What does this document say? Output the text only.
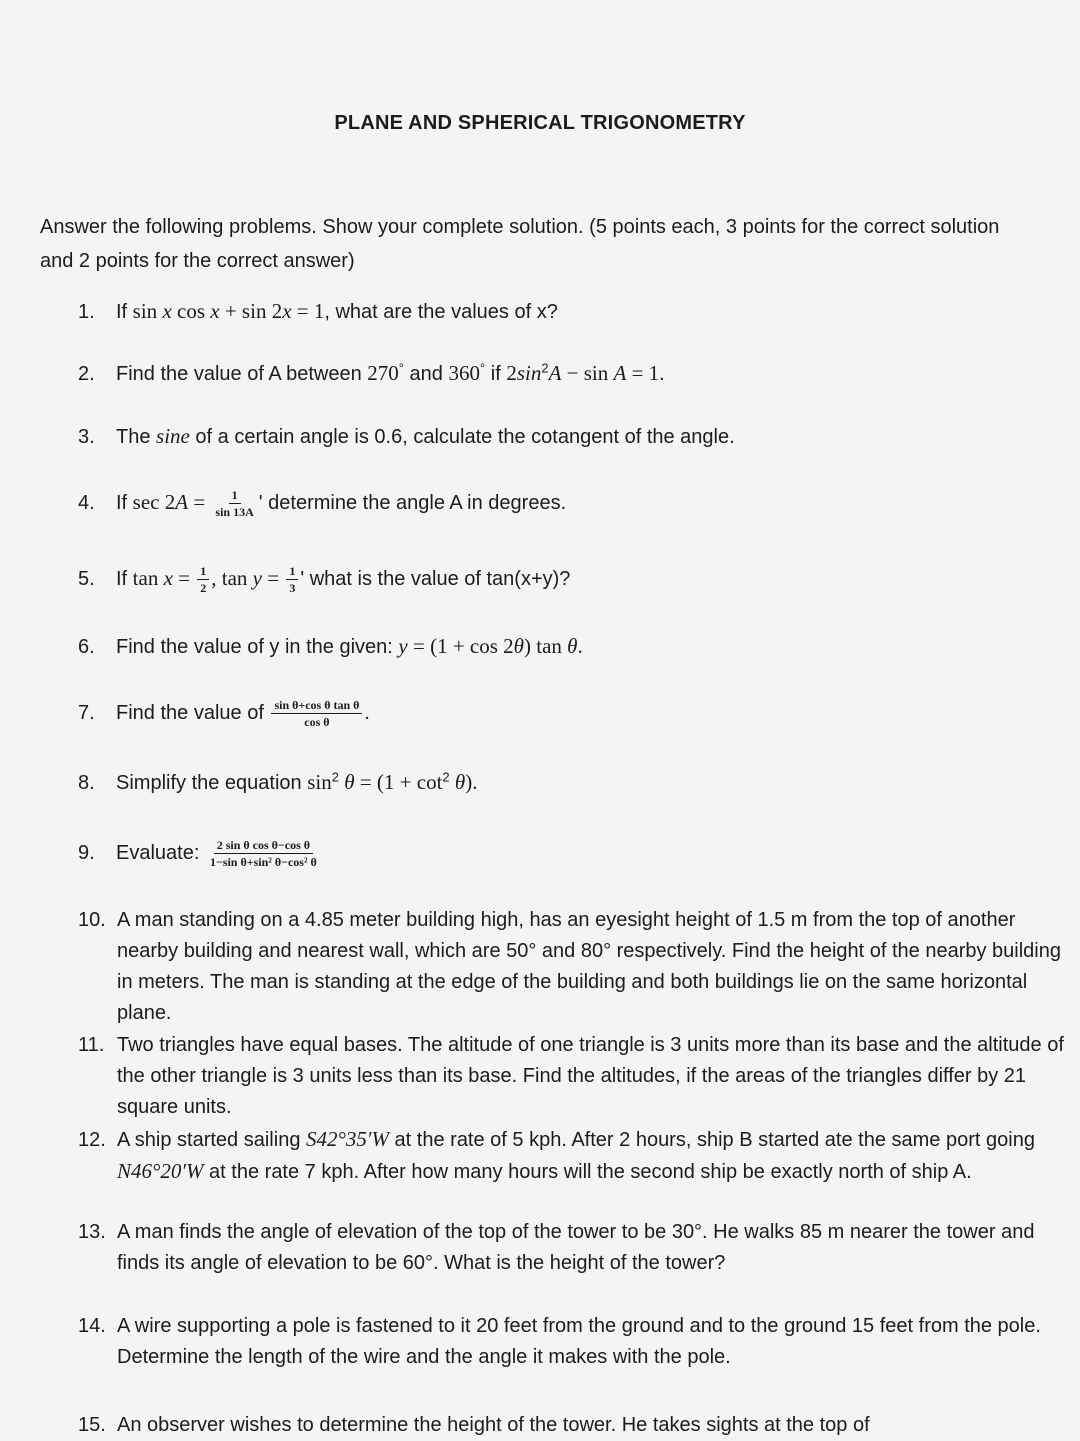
PLANE AND SPHERICAL TRIGONOMETRY
Answer the following problems. Show your complete solution. (5 points each, 3 points for the correct solution and 2 points for the correct answer)
1. If sin x cos x + sin 2x = 1, what are the values of x?
2. Find the value of A between 270° and 360° if $2\sin^2A - \sin A = 1$.
3. The sine of a certain angle is 0.6, calculate the cotangent of the angle.
4. If $\sec 2A = \frac{1}{\sin 13A}$ ' determine the angle A in degrees.
5. If $\tan x = \frac{1}{2}$ , $\tan y = \frac{1}{3}$ ' what is the value of tan(x+y)?
6. Find the value of y in the given: y = (1 + cos 2θ) tan θ.
7. Find the value of $\frac{\text{sin θ+cos θ tan θ}}{\text{cos θ}}$ .
8. Simplify the equation $\sin^2 \theta = (1 + \cot^2 \theta)$.
9. Evaluate: $\frac{\text{2 sin θ cos θ−cos θ}}{\text{1−sin θ+sin² θ−cos² θ}}$
10. A man standing on a 4.85 meter building high, has an eyesight height of 1.5 m from the top of another nearby building and nearest wall, which are 50° and 80° respectively. Find the height of the nearby building in meters. The man is standing at the edge of the building and both buildings lie on the same horizontal plane.
11. Two triangles have equal bases. The altitude of one triangle is 3 units more than its base and the altitude of the other triangle is 3 units less than its base. Find the altitudes, if the areas of the triangles differ by 21 square units.
12. A ship started sailing S42°35′W at the rate of 5 kph. After 2 hours, ship B started ate the same port going N46°20′W at the rate 7 kph. After how many hours will the second ship be exactly north of ship A.
13. A man finds the angle of elevation of the top of the tower to be 30°. He walks 85 m nearer the tower and finds its angle of elevation to be 60°. What is the height of the tower?
14. A wire supporting a pole is fastened to it 20 feet from the ground and to the ground 15 feet from the pole. Determine the length of the wire and the angle it makes with the pole.
15. An observer wishes to determine the height of the tower. He takes sights at the top of
